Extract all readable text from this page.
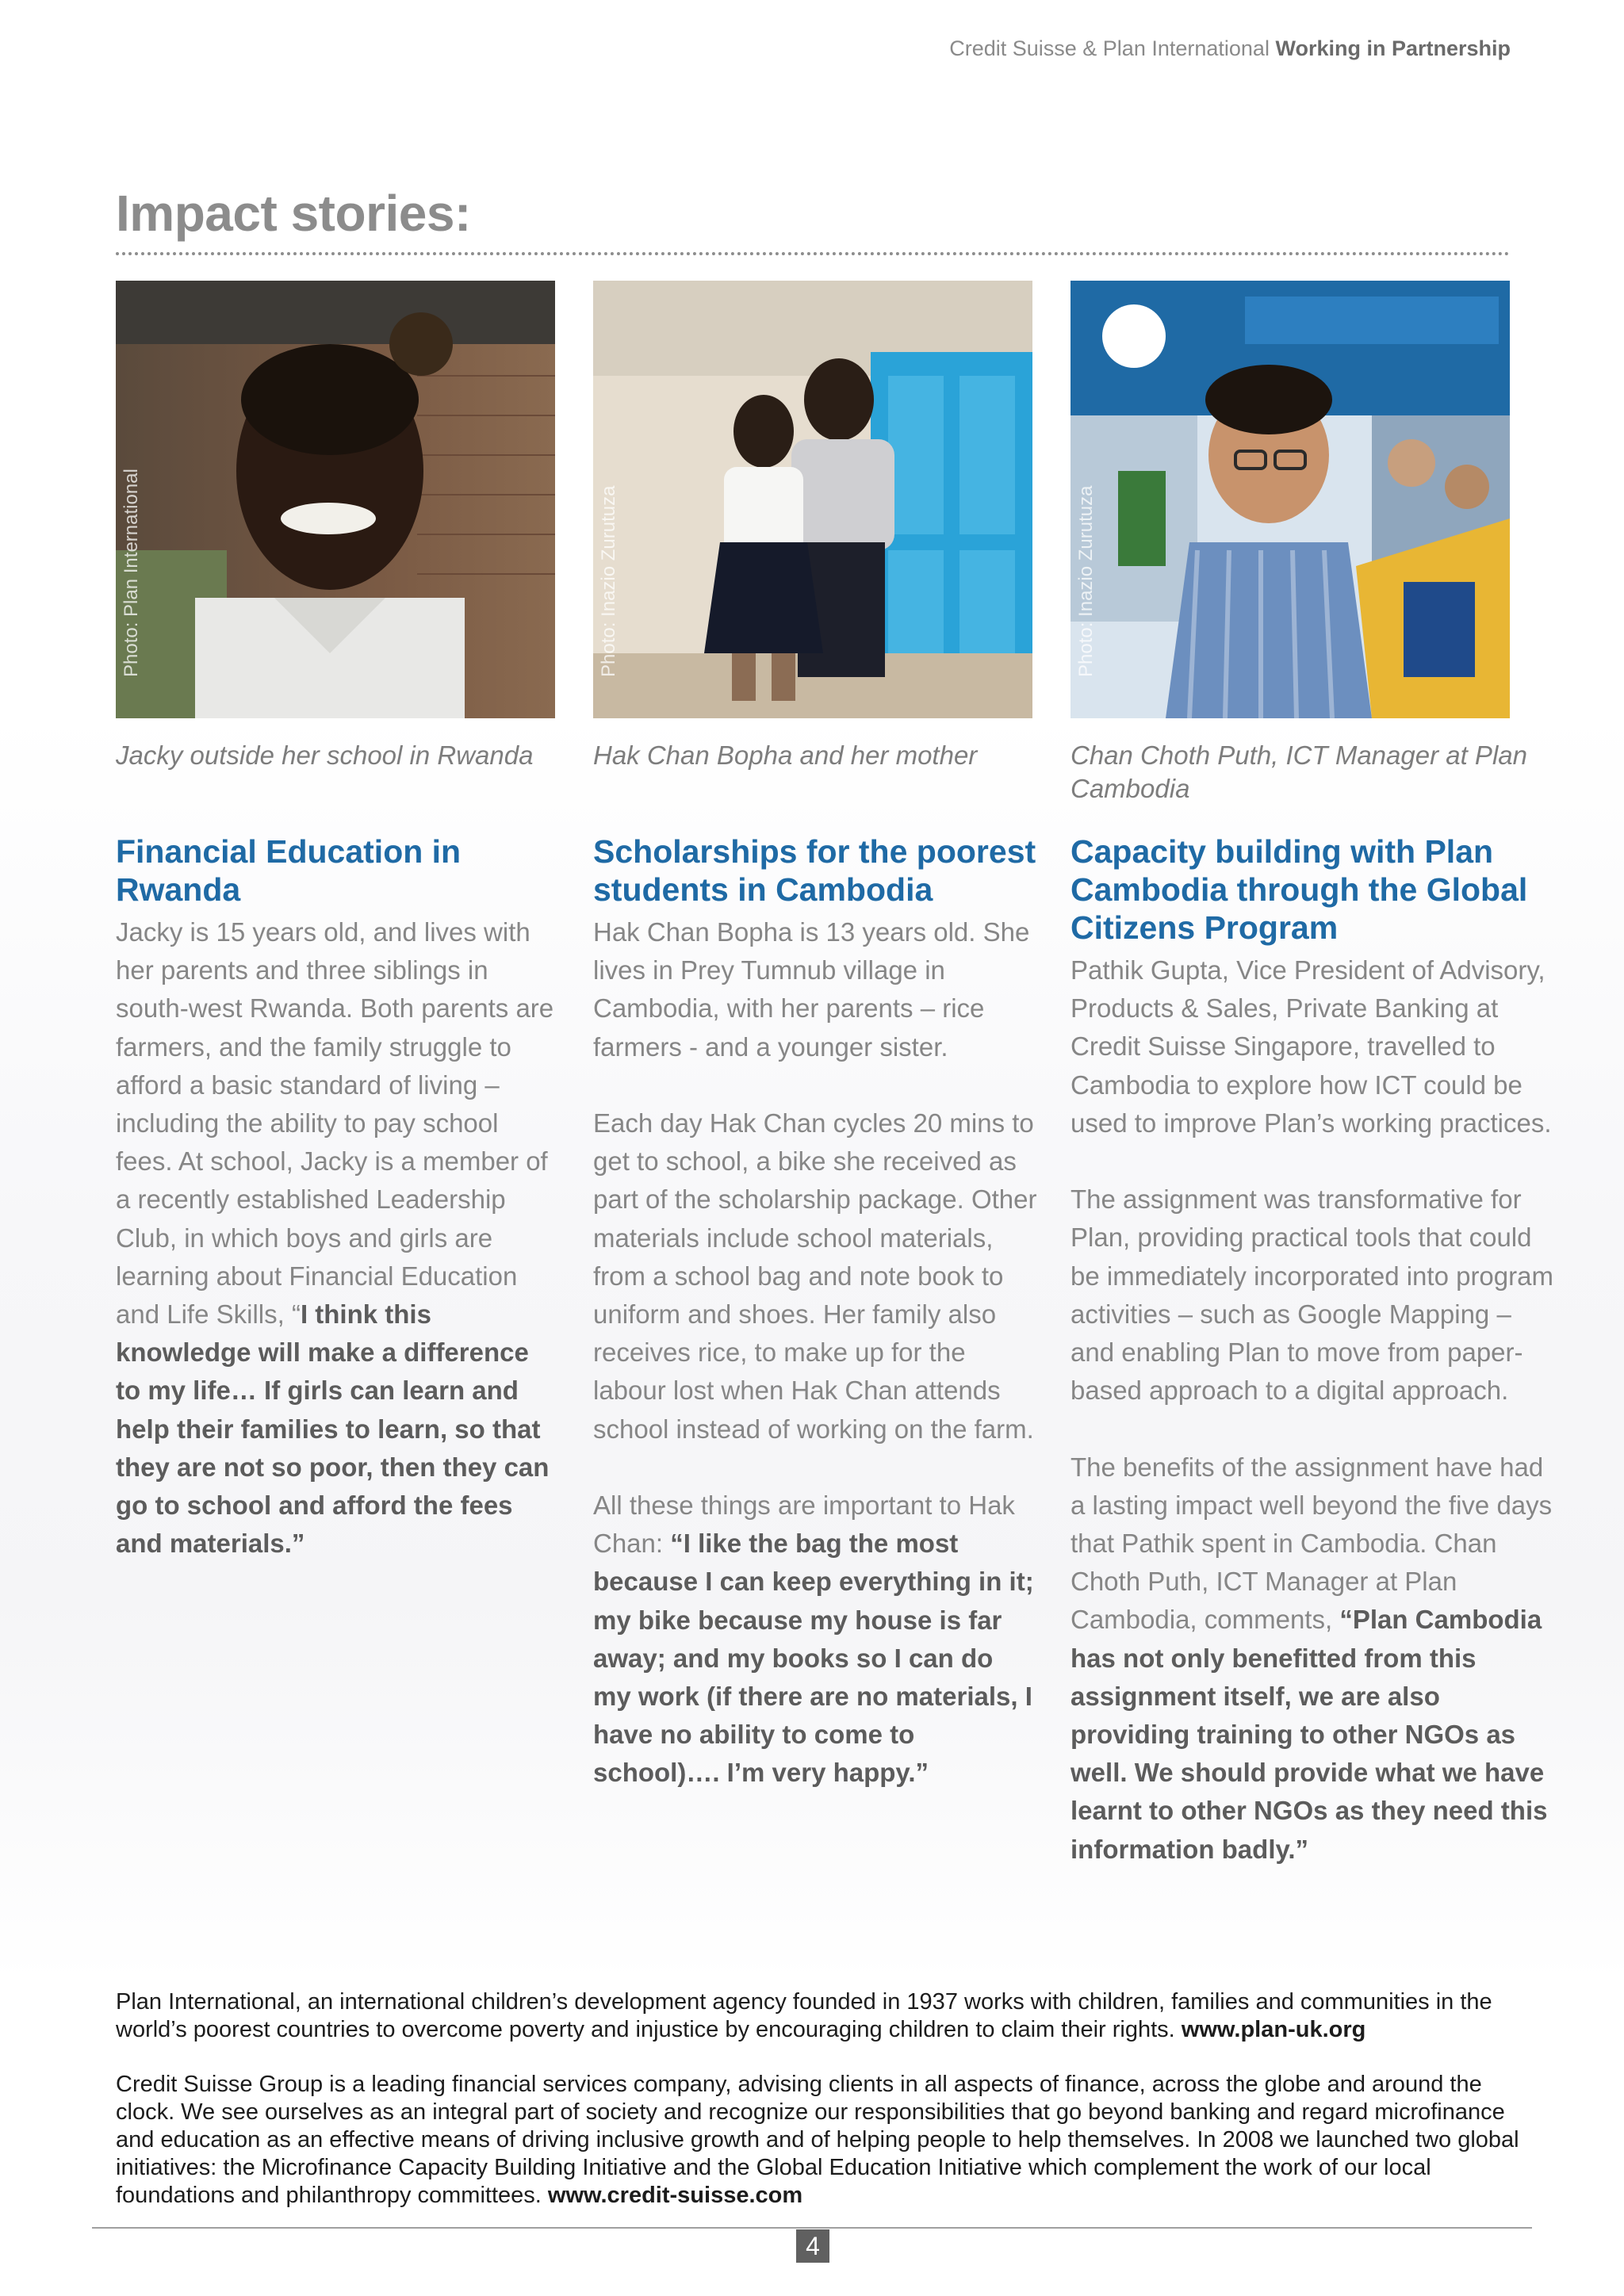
Credit Suisse & Plan International Working in Partnership
Impact stories:
Photo: Plan International

Jacky outside her school in Rwanda

Financial Education in Rwanda

Jacky is 15 years old, and lives with her parents and three siblings in south-west Rwanda. Both parents are farmers, and the family struggle to afford a basic standard of living – including the ability to pay school fees. At school, Jacky is a member of a recently established Leadership Club, in which boys and girls are learning about Financial Education and Life Skills, “I think this knowledge will make a difference to my life… If girls can learn and help their families to learn, so that they are not so poor, then they can go to school and afford the fees and materials.”

Photo: Inazio Zurutuza

Hak Chan Bopha and her mother

Scholarships for the poorest students in Cambodia

Hak Chan Bopha is 13 years old. She lives in Prey Tumnub village in Cambodia, with her parents – rice farmers - and a younger sister.

Each day Hak Chan cycles 20 mins to get to school, a bike she received as part of the scholarship package. Other materials include school materials, from a school bag and note book to uniform and shoes. Her family also receives rice, to make up for the labour lost when Hak Chan attends school instead of working on the farm.

All these things are important to Hak Chan: “I like the bag the most because I can keep everything in it; my bike because my house is far away; and my books so I can do my work (if there are no materials, I have no ability to come to school)…. I’m very happy.”

Photo: Inazio Zurutuza

Chan Choth Puth, ICT Manager at Plan Cambodia

Capacity building with Plan Cambodia through the Global Citizens Program

Pathik Gupta, Vice President of Advisory, Products & Sales, Private Banking at Credit Suisse Singapore, travelled to Cambodia to explore how ICT could be used to improve Plan’s working practices.

The assignment was transformative for Plan, providing practical tools that could be immediately incorporated into program activities – such as Google Mapping – and enabling Plan to move from paper-based approach to a digital approach.

The benefits of the assignment have had a lasting impact well beyond the five days that Pathik spent in Cambodia. Chan Choth Puth, ICT Manager at Plan Cambodia, comments, “Plan Cambodia has not only benefitted from this assignment itself, we are also providing training to other NGOs as well. We should provide what we have learnt to other NGOs as they need this information badly.”

Plan International, an international children’s development agency founded in 1937 works with children, families and communities in the world’s poorest countries to overcome poverty and injustice by encouraging children to claim their rights. www.plan-uk.org

Credit Suisse Group is a leading financial services company, advising clients in all aspects of finance, across the globe and around the clock. We see ourselves as an integral part of society and recognize our responsibilities that go beyond banking and regard microfinance and education as an effective means of driving inclusive growth and of helping people to help themselves. In 2008 we launched two global initiatives: the Microfinance Capacity Building Initiative and the Global Education Initiative which complement the work of our local foundations and philanthropy committees. www.credit-suisse.com

4
